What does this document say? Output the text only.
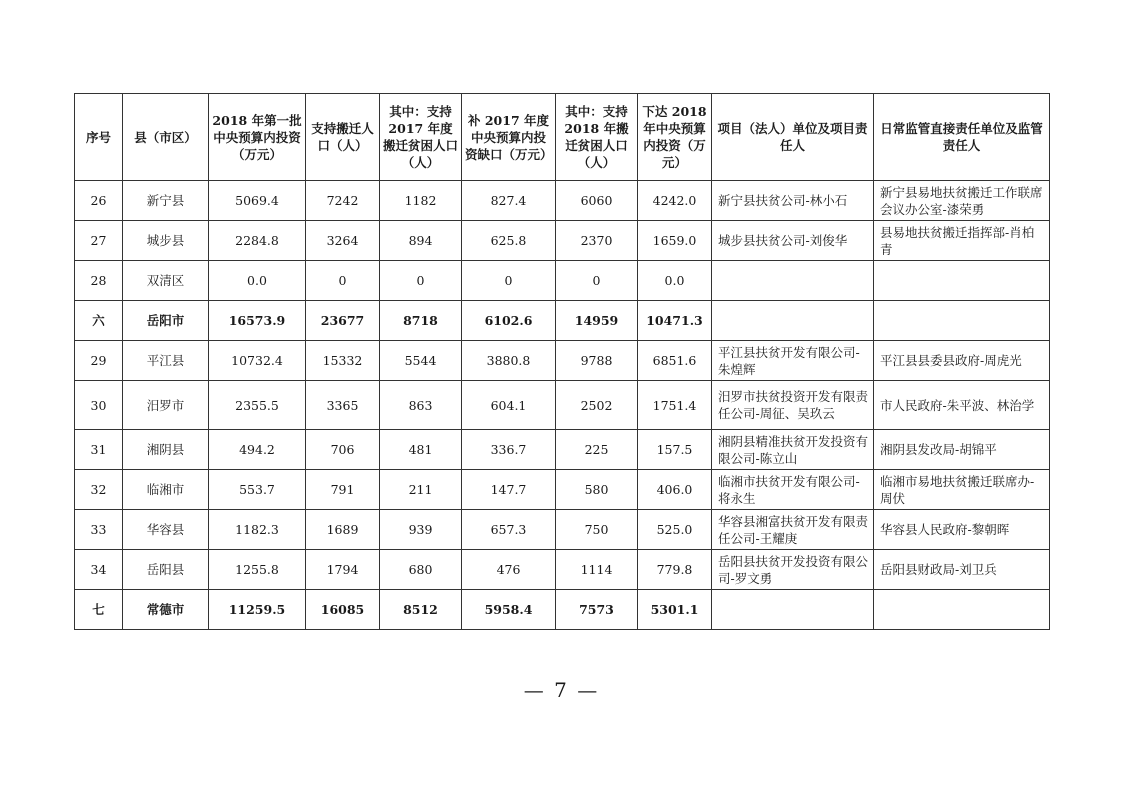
序号	县（市区）	2018 年第一批中央预算内投资（万元）	支持搬迁人口（人）	其中：支持 2017 年度搬迁贫困人口（人）	补 2017 年度中央预算内投资缺口（万元）	其中：支持 2018 年搬迁贫困人口（人）	下达 2018 年中央预算内投资（万元）	项目（法人）单位及项目责任人	日常监管直接责任单位及监管责任人
26	新宁县	5069.4	7242	1182	827.4	6060	4242.0	新宁县扶贫公司-林小石	新宁县易地扶贫搬迁工作联席会议办公室-漆荣勇
27	城步县	2284.8	3264	894	625.8	2370	1659.0	城步县扶贫公司-刘俊华	县易地扶贫搬迁指挥部-肖柏青
28	双清区	0.0	0	0	0	0	0.0		
六	岳阳市	16573.9	23677	8718	6102.6	14959	10471.3		
29	平江县	10732.4	15332	5544	3880.8	9788	6851.6	平江县扶贫开发有限公司-朱煌辉	平江县县委县政府-周虎光
30	汨罗市	2355.5	3365	863	604.1	2502	1751.4	汨罗市扶贫投资开发有限责任公司-周征、吴玖云	市人民政府-朱平波、林治学
31	湘阴县	494.2	706	481	336.7	225	157.5	湘阴县精准扶贫开发投资有限公司-陈立山	湘阴县发改局-胡锦平
32	临湘市	553.7	791	211	147.7	580	406.0	临湘市扶贫开发有限公司-将永生	临湘市易地扶贫搬迁联席办-周伏
33	华容县	1182.3	1689	939	657.3	750	525.0	华容县湘富扶贫开发有限责任公司-王耀庚	华容县人民政府-黎朝晖
34	岳阳县	1255.8	1794	680	476	1114	779.8	岳阳县扶贫开发投资有限公司-罗文勇	岳阳县财政局-刘卫兵
七	常德市	11259.5	16085	8512	5958.4	7573	5301.1		
— 7 —
